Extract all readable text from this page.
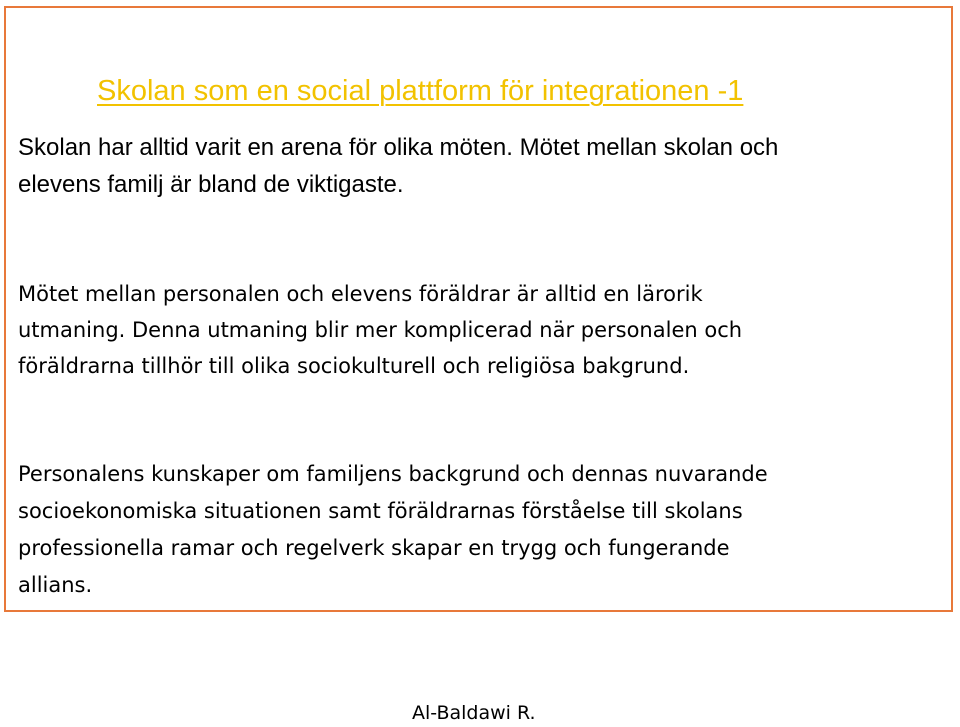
Skolan som en social plattform för integrationen -1
Skolan har alltid varit en arena för olika möten. Mötet mellan skolan och
elevens familj är bland de viktigaste.
Mötet mellan personalen och elevens föräldrar är alltid en lärorik
utmaning. Denna utmaning blir mer komplicerad när personalen och
föräldrarna tillhör till olika sociokulturell och religiösa bakgrund.
Personalens kunskaper om familjens backgrund och dennas nuvarande
socioekonomiska situationen samt föräldrarnas förståelse till skolans
professionella ramar och regelverk skapar en trygg och fungerande
allians.

Al-Baldawi R.
